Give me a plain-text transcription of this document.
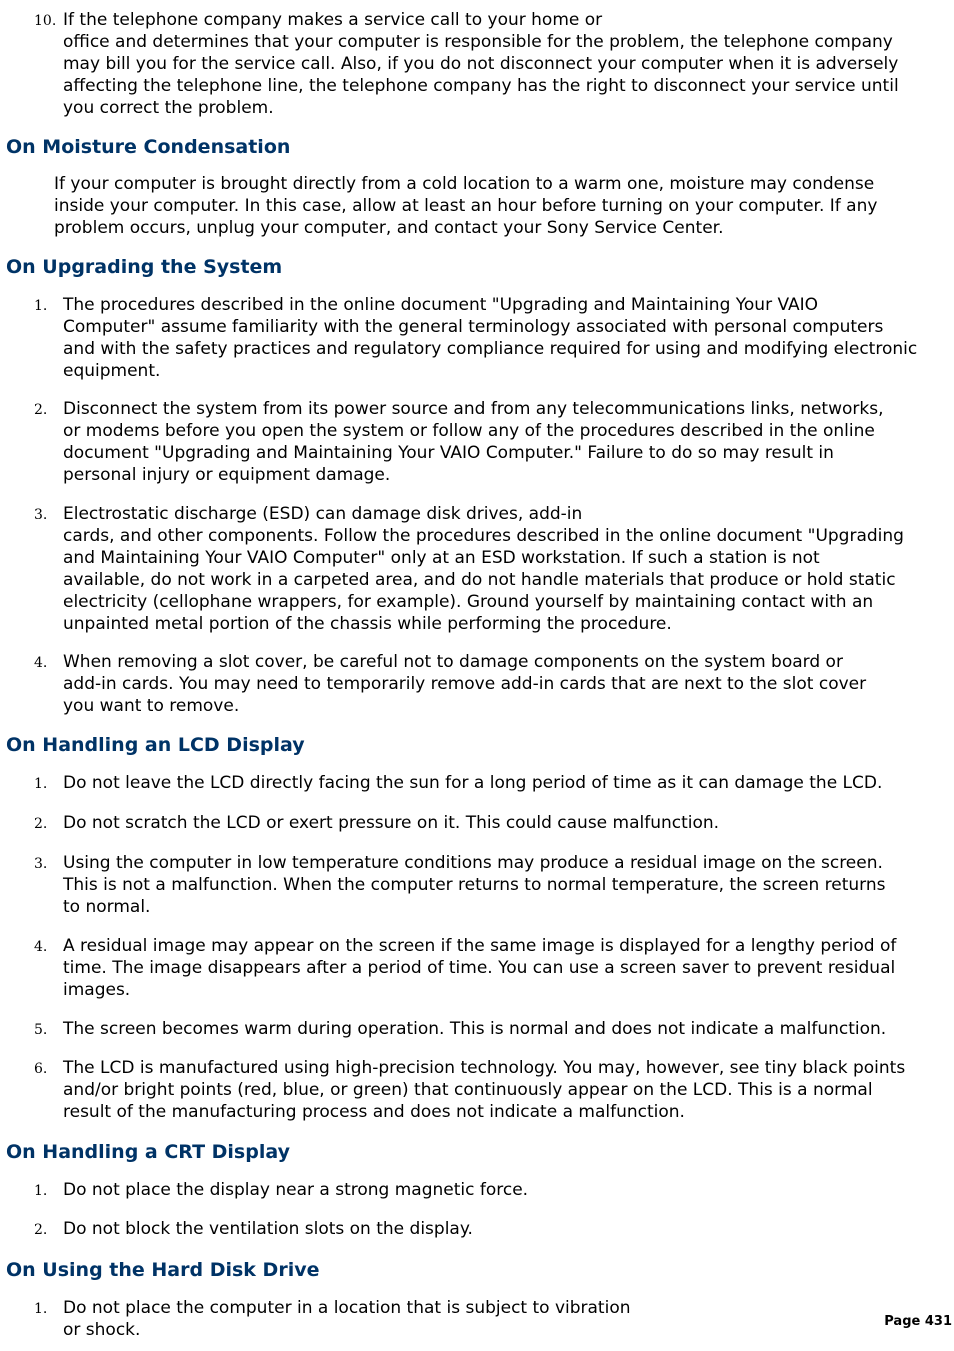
10. If the telephone company makes a service call to your home or
office and determines that your computer is responsible for the problem, the telephone company
may bill you for the service call. Also, if you do not disconnect your computer when it is adversely
affecting the telephone line, the telephone company has the right to disconnect your service until
you correct the problem.
On Moisture Condensation
If your computer is brought directly from a cold location to a warm one, moisture may condense
inside your computer. In this case, allow at least an hour before turning on your computer. If any
problem occurs, unplug your computer, and contact your Sony Service Center.
On Upgrading the System
1. The procedures described in the online document "Upgrading and Maintaining Your VAIO
Computer" assume familiarity with the general terminology associated with personal computers
and with the safety practices and regulatory compliance required for using and modifying electronic
equipment.
2. Disconnect the system from its power source and from any telecommunications links, networks,
or modems before you open the system or follow any of the procedures described in the online
document "Upgrading and Maintaining Your VAIO Computer." Failure to do so may result in
personal injury or equipment damage.
3. Electrostatic discharge (ESD) can damage disk drives, add-in
cards, and other components. Follow the procedures described in the online document "Upgrading
and Maintaining Your VAIO Computer" only at an ESD workstation. If such a station is not
available, do not work in a carpeted area, and do not handle materials that produce or hold static
electricity (cellophane wrappers, for example). Ground yourself by maintaining contact with an
unpainted metal portion of the chassis while performing the procedure.
4. When removing a slot cover, be careful not to damage components on the system board or
add-in cards. You may need to temporarily remove add-in cards that are next to the slot cover
you want to remove.
On Handling an LCD Display
1. Do not leave the LCD directly facing the sun for a long period of time as it can damage the LCD.
2. Do not scratch the LCD or exert pressure on it. This could cause malfunction.
3. Using the computer in low temperature conditions may produce a residual image on the screen.
This is not a malfunction. When the computer returns to normal temperature, the screen returns
to normal.
4. A residual image may appear on the screen if the same image is displayed for a lengthy period of
time. The image disappears after a period of time. You can use a screen saver to prevent residual
images.
5. The screen becomes warm during operation. This is normal and does not indicate a malfunction.
6. The LCD is manufactured using high-precision technology. You may, however, see tiny black points
and/or bright points (red, blue, or green) that continuously appear on the LCD. This is a normal
result of the manufacturing process and does not indicate a malfunction.
On Handling a CRT Display
1. Do not place the display near a strong magnetic force.
2. Do not block the ventilation slots on the display.
On Using the Hard Disk Drive
1. Do not place the computer in a location that is subject to vibration
or shock.	Page 431
